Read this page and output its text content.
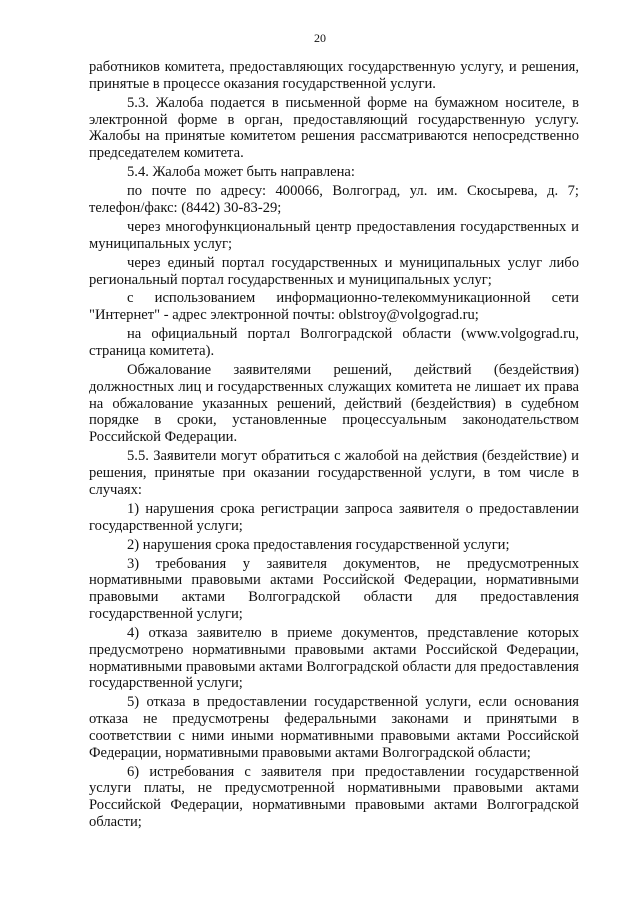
20

работников комитета, предоставляющих государственную услугу, и решения, принятые в процессе оказания государственной услуги.

5.3. Жалоба подается в письменной форме на бумажном носителе, в электронной форме в орган, предоставляющий государственную услугу. Жалобы на принятые комитетом решения рассматриваются непосредственно председателем комитета.

5.4. Жалоба может быть направлена:

по почте по адресу: 400066, Волгоград, ул. им. Скосырева, д. 7; телефон/факс: (8442) 30-83-29;

через многофункциональный центр предоставления государственных и муниципальных услуг;

через единый портал государственных и муниципальных услуг либо региональный портал государственных и муниципальных услуг;

с использованием информационно-телекоммуникационной сети "Интернет" - адрес электронной почты: oblstroy@volgograd.ru;

на официальный портал Волгоградской области (www.volgograd.ru, страница комитета).

Обжалование заявителями решений, действий (бездействия) должностных лиц и государственных служащих комитета не лишает их права на обжалование указанных решений, действий (бездействия) в судебном порядке в сроки, установленные процессуальным законодательством Российской Федерации.

5.5. Заявители могут обратиться с жалобой на действия (бездействие) и решения, принятые при оказании государственной услуги, в том числе в случаях:

1) нарушения срока регистрации запроса заявителя о предоставлении государственной услуги;

2) нарушения срока предоставления государственной услуги;

3) требования у заявителя документов, не предусмотренных нормативными правовыми актами Российской Федерации, нормативными правовыми актами Волгоградской области для предоставления государственной услуги;

4) отказа заявителю в приеме документов, представление которых предусмотрено нормативными правовыми актами Российской Федерации, нормативными правовыми актами Волгоградской области для предоставления государственной услуги;

5) отказа в предоставлении государственной услуги, если основания отказа не предусмотрены федеральными законами и принятыми в соответствии с ними иными нормативными правовыми актами Российской Федерации, нормативными правовыми актами Волгоградской области;

6) истребования с заявителя при предоставлении государственной услуги платы, не предусмотренной нормативными правовыми актами Российской Федерации, нормативными правовыми актами Волгоградской области;
